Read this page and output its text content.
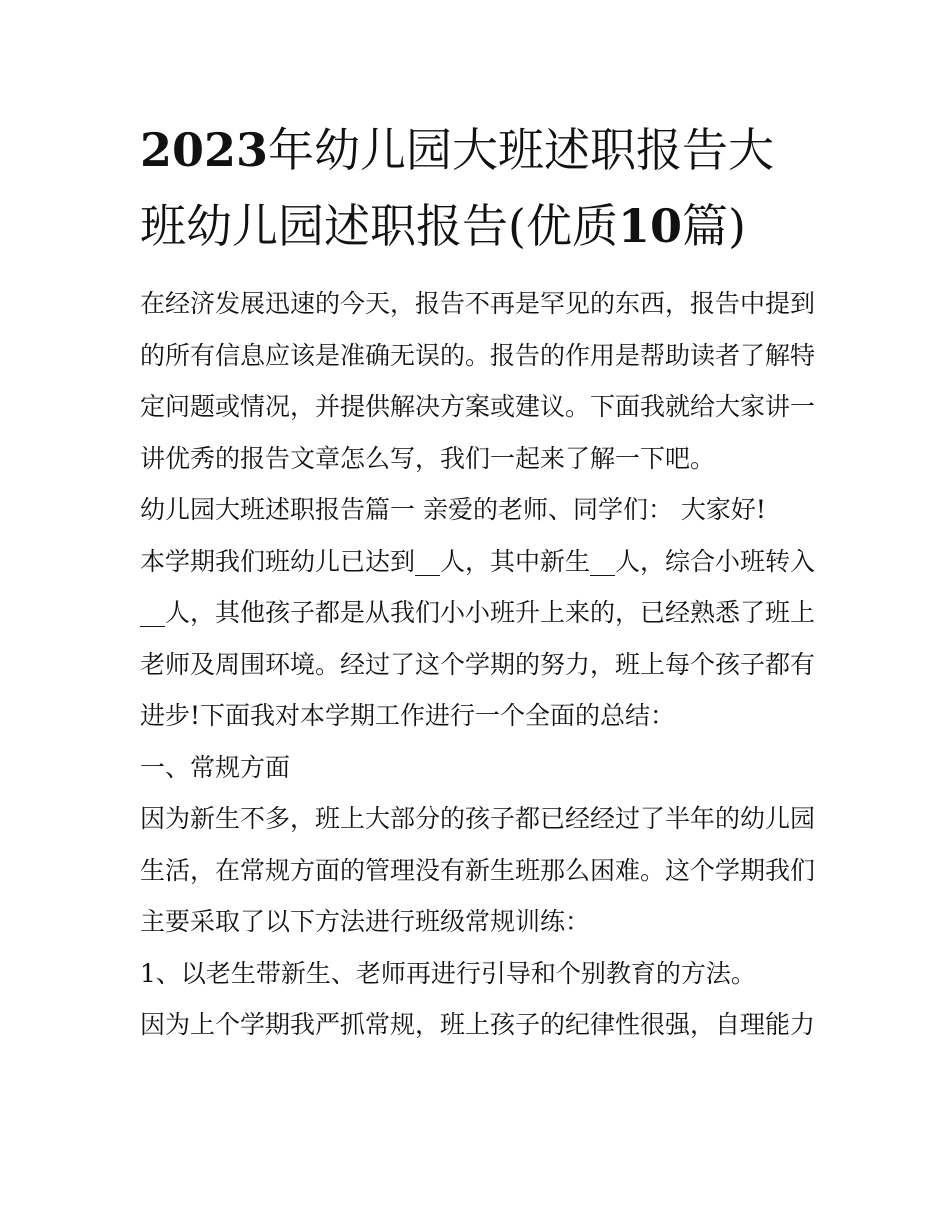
2023年幼儿园大班述职报告大班幼儿园述职报告(优质10篇)

在经济发展迅速的今天，报告不再是罕见的东西，报告中提到的所有信息应该是准确无误的。报告的作用是帮助读者了解特定问题或情况，并提供解决方案或建议。下面我就给大家讲一讲优秀的报告文章怎么写，我们一起来了解一下吧。

幼儿园大班述职报告篇一 亲爱的老师、同学们： 大家好!

本学期我们班幼儿已达到__人，其中新生__人，综合小班转入__人，其他孩子都是从我们小小班升上来的，已经熟悉了班上老师及周围环境。经过了这个学期的努力，班上每个孩子都有进步!下面我对本学期工作进行一个全面的总结：

一、常规方面

因为新生不多，班上大部分的孩子都已经经过了半年的幼儿园生活，在常规方面的管理没有新生班那么困难。这个学期我们主要采取了以下方法进行班级常规训练：

1、以老生带新生、老师再进行引导和个别教育的方法。

因为上个学期我严抓常规，班上孩子的纪律性很强，自理能力
